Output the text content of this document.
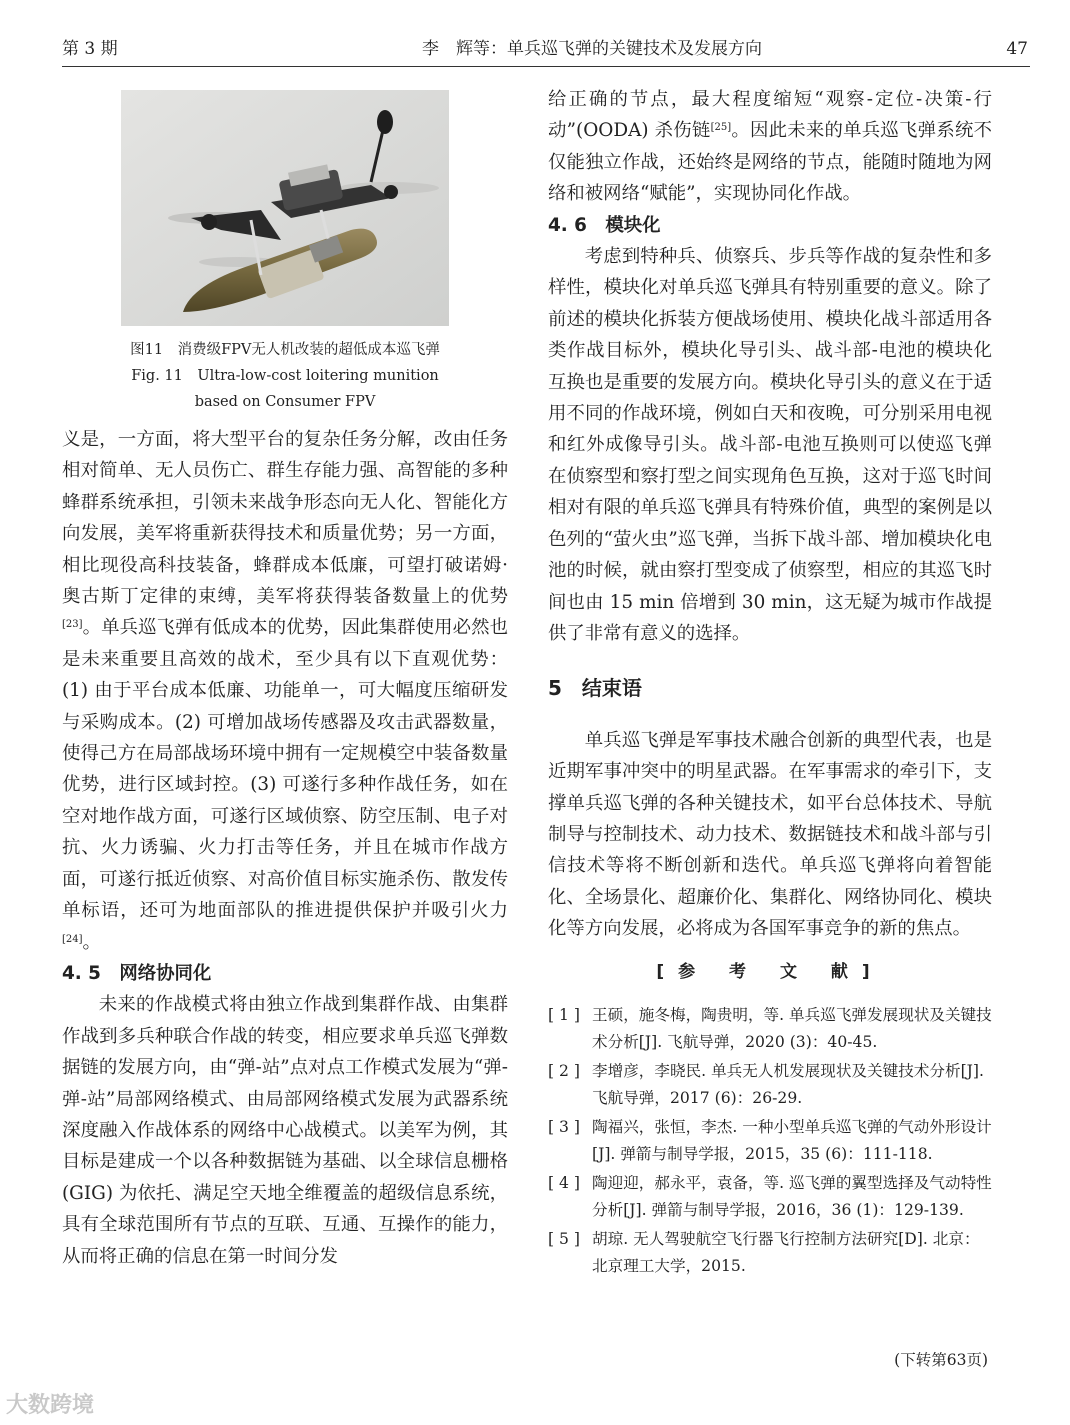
第 3 期	李　辉等：单兵巡飞弹的关键技术及发展方向	47
图11　消费级FPV无人机改装的超低成本巡飞弹
Fig. 11　Ultra-low-cost loitering munition
based on Consumer FPV

义是，一方面，将大型平台的复杂任务分解，改由任务相对简单、无人员伤亡、群生存能力强、高智能的多种蜂群系统承担，引领未来战争形态向无人化、智能化方向发展，美军将重新获得技术和质量优势；另一方面，相比现役高科技装备，蜂群成本低廉，可望打破诺姆·奥古斯丁定律的束缚，美军将获得装备数量上的优势[23]。单兵巡飞弹有低成本的优势，因此集群使用必然也是未来重要且高效的战术，至少具有以下直观优势：(1) 由于平台成本低廉、功能单一，可大幅度压缩研发与采购成本。(2) 可增加战场传感器及攻击武器数量，使得己方在局部战场环境中拥有一定规模空中装备数量优势，进行区域封控。(3) 可遂行多种作战任务，如在空对地作战方面，可遂行区域侦察、防空压制、电子对抗、火力诱骗、火力打击等任务，并且在城市作战方面，可遂行抵近侦察、对高价值目标实施杀伤、散发传单标语，还可为地面部队的推进提供保护并吸引火力[24]。

4. 5　网络协同化

未来的作战模式将由独立作战到集群作战、由集群作战到多兵种联合作战的转变，相应要求单兵巡飞弹数据链的发展方向，由“弹-站”点对点工作模式发展为“弹-弹-站”局部网络模式、由局部网络模式发展为武器系统深度融入作战体系的网络中心战模式。以美军为例，其目标是建成一个以各种数据链为基础、以全球信息栅格(GIG) 为依托、满足空天地全维覆盖的超级信息系统，具有全球范围所有节点的互联、互通、互操作的能力，从而将正确的信息在第一时间分发

给正确的节点，最大程度缩短“观察-定位-决策-行动”(OODA) 杀伤链[25]。因此未来的单兵巡飞弹系统不仅能独立作战，还始终是网络的节点，能随时随地为网络和被网络“赋能”，实现协同化作战。

4. 6　模块化

考虑到特种兵、侦察兵、步兵等作战的复杂性和多样性，模块化对单兵巡飞弹具有特别重要的意义。除了前述的模块化拆装方便战场使用、模块化战斗部适用各类作战目标外，模块化导引头、战斗部-电池的模块化互换也是重要的发展方向。模块化导引头的意义在于适用不同的作战环境，例如白天和夜晚，可分别采用电视和红外成像导引头。战斗部-电池互换则可以使巡飞弹在侦察型和察打型之间实现角色互换，这对于巡飞时间相对有限的单兵巡飞弹具有特殊价值，典型的案例是以色列的“萤火虫”巡飞弹，当拆下战斗部、增加模块化电池的时候，就由察打型变成了侦察型，相应的其巡飞时间也由 15 min 倍增到 30 min，这无疑为城市作战提供了非常有意义的选择。

5　结束语

单兵巡飞弹是军事技术融合创新的典型代表，也是近期军事冲突中的明星武器。在军事需求的牵引下，支撑单兵巡飞弹的各种关键技术，如平台总体技术、导航制导与控制技术、动力技术、数据链技术和战斗部与引信技术等将不断创新和迭代。单兵巡飞弹将向着智能化、全场景化、超廉价化、集群化、网络协同化、模块化等方向发展，必将成为各国军事竞争的新的焦点。

[参 考 文 献]
[ 1 ] 王硕，施冬梅，陶贵明，等. 单兵巡飞弹发展现状及关键技术分析[J]. 飞航导弹，2020 (3)：40-45.
[ 2 ] 李增彦，李晓民. 单兵无人机发展现状及关键技术分析[J]. 飞航导弹，2017 (6)：26-29.
[ 3 ] 陶福兴，张恒，李杰. 一种小型单兵巡飞弹的气动外形设计[J]. 弹箭与制导学报，2015，35 (6)：111-118.
[ 4 ] 陶迎迎，郝永平，袁备，等. 巡飞弹的翼型选择及气动特性分析[J]. 弹箭与制导学报，2016，36 (1)：129-139.
[ 5 ] 胡琼. 无人驾驶航空飞行器飞行控制方法研究[D]. 北京：北京理工大学，2015.
(下转第63页)
大数跨境
